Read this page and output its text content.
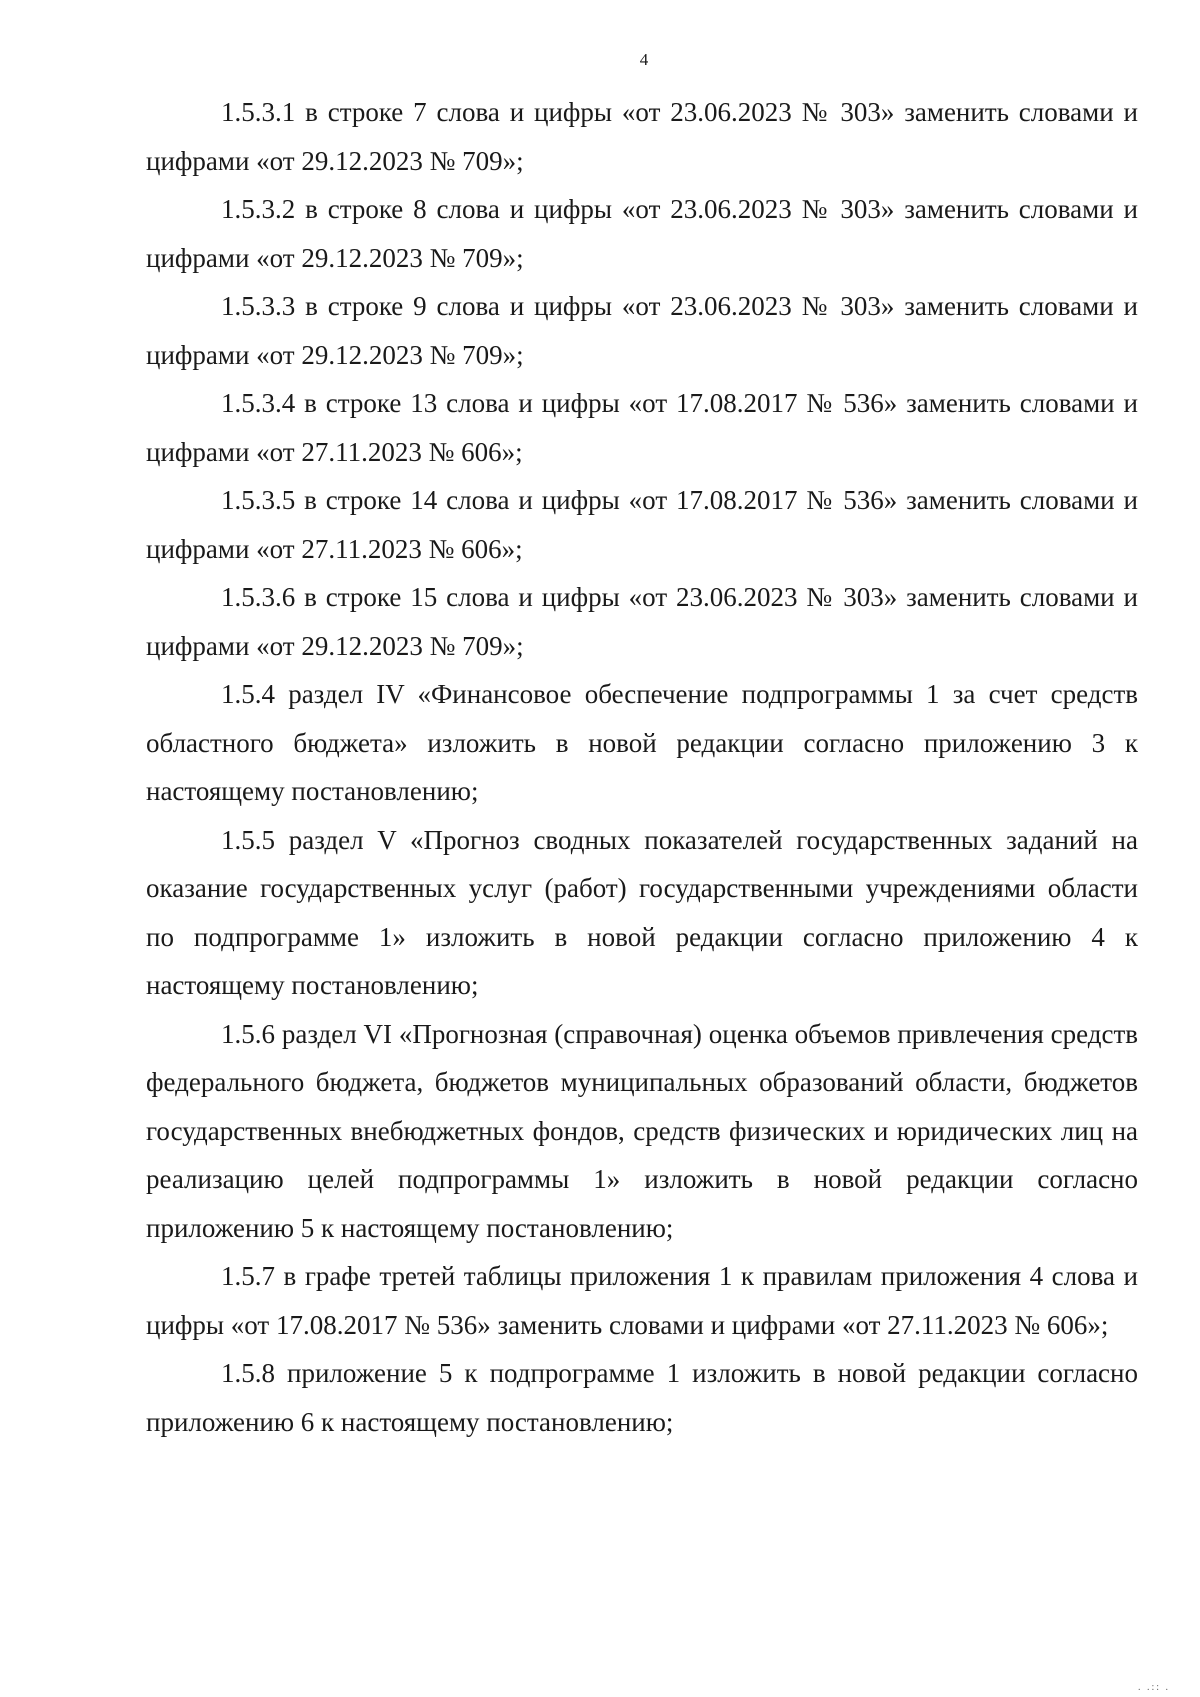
4

1.5.3.1 в строке 7 слова и цифры «от 23.06.2023 № 303» заменить словами и цифрами «от 29.12.2023 № 709»;

1.5.3.2 в строке 8 слова и цифры «от 23.06.2023 № 303» заменить словами и цифрами «от 29.12.2023 № 709»;

1.5.3.3 в строке 9 слова и цифры «от 23.06.2023 № 303» заменить словами и цифрами «от 29.12.2023 № 709»;

1.5.3.4 в строке 13 слова и цифры «от 17.08.2017 № 536» заменить словами и цифрами «от 27.11.2023 № 606»;

1.5.3.5 в строке 14 слова и цифры «от 17.08.2017 № 536» заменить словами и цифрами «от 27.11.2023 № 606»;

1.5.3.6 в строке 15 слова и цифры «от 23.06.2023 № 303» заменить словами и цифрами «от 29.12.2023 № 709»;

1.5.4 раздел IV «Финансовое обеспечение подпрограммы 1 за счет средств областного бюджета» изложить в новой редакции согласно приложению 3 к настоящему постановлению;

1.5.5 раздел V «Прогноз сводных показателей государственных заданий на оказание государственных услуг (работ) государственными учреждениями области по подпрограмме 1» изложить в новой редакции согласно приложению 4 к настоящему постановлению;

1.5.6 раздел VI «Прогнозная (справочная) оценка объемов привлечения средств федерального бюджета, бюджетов муниципальных образований области, бюджетов государственных внебюджетных фондов, средств физических и юридических лиц на реализацию целей подпрограммы 1» изложить в новой редакции согласно приложению 5 к настоящему постановлению;

1.5.7 в графе третей таблицы приложения 1 к правилам приложения 4 слова и цифры «от 17.08.2017 № 536» заменить словами и цифрами «от 27.11.2023 № 606»;

1.5.8 приложение 5 к подпрограмме 1 изложить в новой редакции согласно приложению 6 к настоящему постановлению;

. .:: .
